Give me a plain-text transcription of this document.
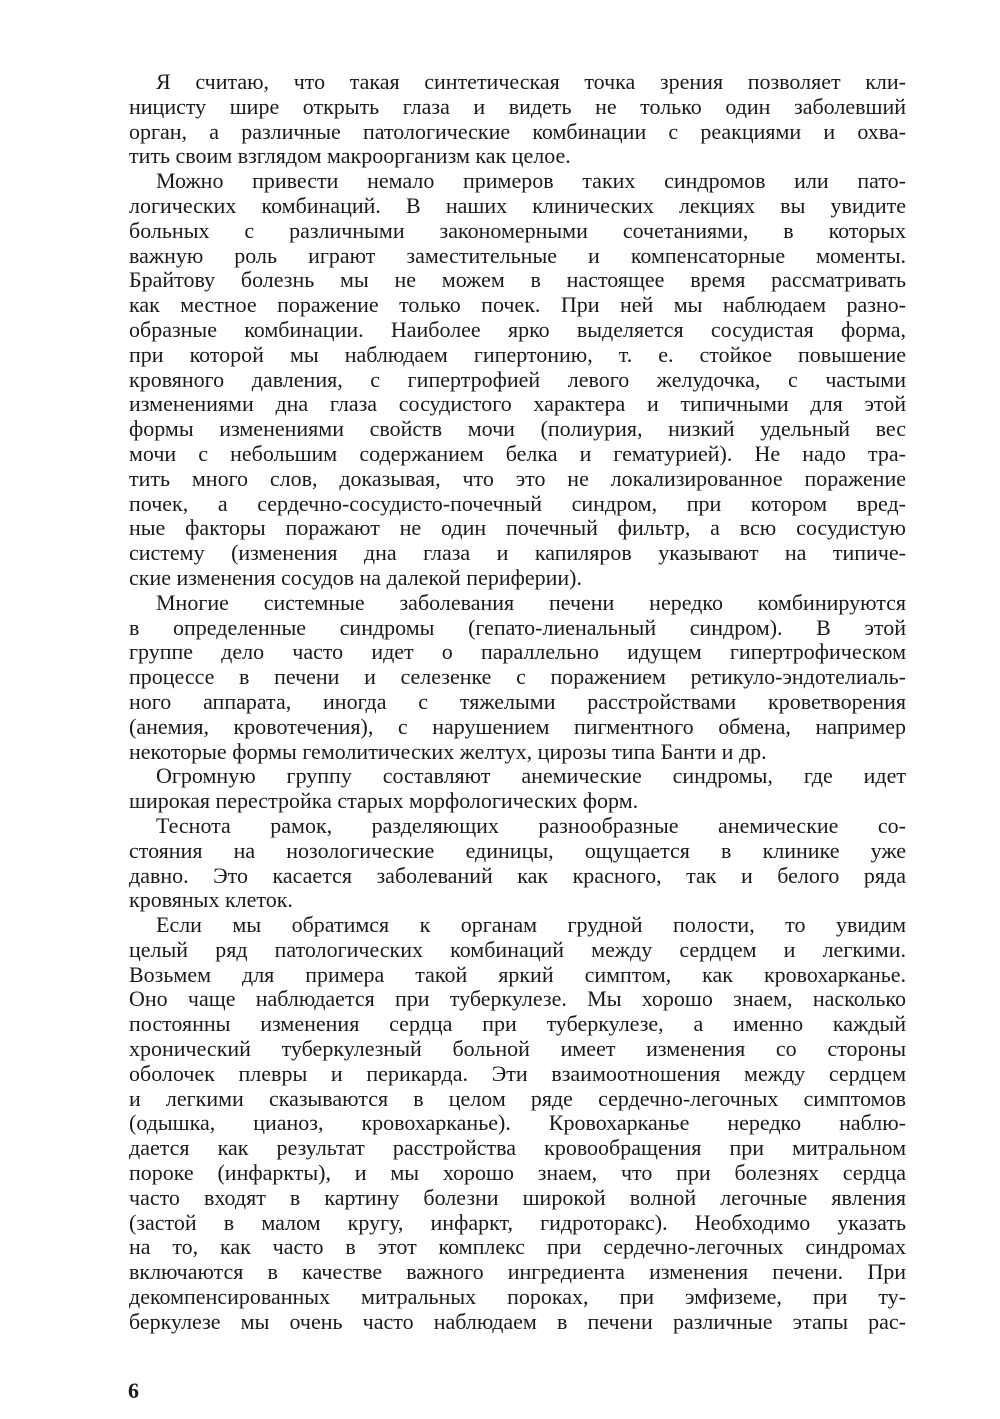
Я считаю, что такая синтетическая точка зрения позволяет кли-
ницисту шире открыть глаза и видеть не только один заболевший
орган, а различные патологические комбинации с реакциями и охва-
тить своим взглядом макроорганизм как целое.
Можно привести немало примеров таких синдромов или пато-
логических комбинаций. В наших клинических лекциях вы увидите
больных с различными закономерными сочетаниями, в которых
важную роль играют заместительные и компенсаторные моменты.
Брайтову болезнь мы не можем в настоящее время рассматривать
как местное поражение только почек. При ней мы наблюдаем разно-
образные комбинации. Наиболее ярко выделяется сосудистая форма,
при которой мы наблюдаем гипертонию, т. е. стойкое повышение
кровяного давления, с гипертрофией левого желудочка, с частыми
изменениями дна глаза сосудистого характера и типичными для этой
формы изменениями свойств мочи (полиурия, низкий удельный вес
мочи с небольшим содержанием белка и гематурией). Не надо тра-
тить много слов, доказывая, что это не локализированное поражение
почек, а сердечно-сосудисто-почечный синдром, при котором вред-
ные факторы поражают не один почечный фильтр, а всю сосудистую
систему (изменения дна глаза и капиляров указывают на типиче-
ские изменения сосудов на далекой периферии).
Многие системные заболевания печени нередко комбинируются
в определенные синдромы (гепато-лиенальный синдром). В этой
группе дело часто идет о параллельно идущем гипертрофическом
процессе в печени и селезенке с поражением ретикуло-эндотелиаль-
ного аппарата, иногда с тяжелыми расстройствами кроветворения
(анемия, кровотечения), с нарушением пигментного обмена, например
некоторые формы гемолитических желтух, цирозы типа Банти и др.
Огромную группу составляют анемические синдромы, где идет
широкая перестройка старых морфологических форм.
Теснота рамок, разделяющих разнообразные анемические со-
стояния на нозологические единицы, ощущается в клинике уже
давно. Это касается заболеваний как красного, так и белого ряда
кровяных клеток.
Если мы обратимся к органам грудной полости, то увидим
целый ряд патологических комбинаций между сердцем и легкими.
Возьмем для примера такой яркий симптом, как кровохарканье.
Оно чаще наблюдается при туберкулезе. Мы хорошо знаем, насколько
постоянны изменения сердца при туберкулезе, а именно каждый
хронический туберкулезный больной имеет изменения со стороны
оболочек плевры и перикарда. Эти взаимоотношения между сердцем
и легкими сказываются в целом ряде сердечно-легочных симптомов
(одышка, цианоз, кровохарканье). Кровохарканье нередко наблю-
дается как результат расстройства кровообращения при митральном
пороке (инфаркты), и мы хорошо знаем, что при болезнях сердца
часто входят в картину болезни широкой волной легочные явления
(застой в малом кругу, инфаркт, гидроторакс). Необходимо указать
на то, как часто в этот комплекс при сердечно-легочных синдромах
включаются в качестве важного ингредиента изменения печени. При
декомпенсированных митральных пороках, при эмфиземе, при ту-
беркулезе мы очень часто наблюдаем в печени различные этапы рас-
6
